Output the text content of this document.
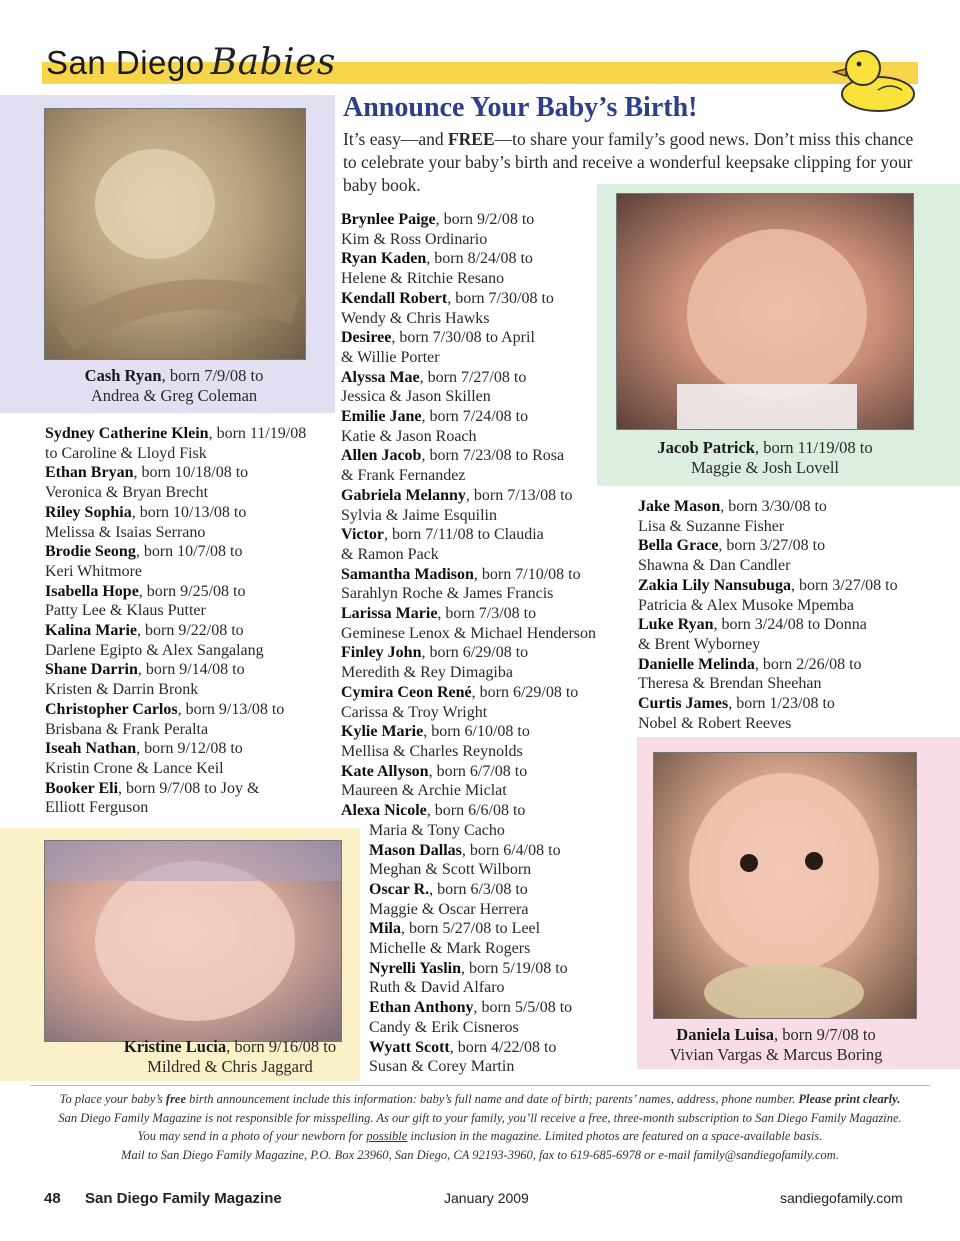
San Diego Babies
Cash Ryan, born 7/9/08 to
Andrea & Greg Coleman
Jacob Patrick, born 11/19/08 to
Maggie & Josh Lovell
Kristine Lucia, born 9/16/08 to
Mildred & Chris Jaggard
Daniela Luisa, born 9/7/08 to
Vivian Vargas & Marcus Boring
Announce Your Baby’s Birth!
It’s easy—and FREE—to share your family’s good news. Don’t miss this chance to celebrate your baby’s birth and receive a wonderful keepsake clipping for your baby book.
Sydney Catherine Klein, born 11/19/08
to Caroline & Lloyd Fisk
Ethan Bryan, born 10/18/08 to
Veronica & Bryan Brecht
Riley Sophia, born 10/13/08 to
Melissa & Isaias Serrano
Brodie Seong, born 10/7/08 to
Keri Whitmore
Isabella Hope, born 9/25/08 to
Patty Lee & Klaus Putter
Kalina Marie, born 9/22/08 to
Darlene Egipto & Alex Sangalang
Shane Darrin, born 9/14/08 to
Kristen & Darrin Bronk
Christopher Carlos, born 9/13/08 to
Brisbana & Frank Peralta
Iseah Nathan, born 9/12/08 to
Kristin Crone & Lance Keil
Booker Eli, born 9/7/08 to Joy &
Elliott Ferguson
Brynlee Paige, born 9/2/08 to
Kim & Ross Ordinario
Ryan Kaden, born 8/24/08 to
Helene & Ritchie Resano
Kendall Robert, born 7/30/08 to
Wendy & Chris Hawks
Desiree, born 7/30/08 to April
& Willie Porter
Alyssa Mae, born 7/27/08 to
Jessica & Jason Skillen
Emilie Jane, born 7/24/08 to
Katie & Jason Roach
Allen Jacob, born 7/23/08 to Rosa
& Frank Fernandez
Gabriela Melanny, born 7/13/08 to
Sylvia & Jaime Esquilin
Victor, born 7/11/08 to Claudia
& Ramon Pack
Samantha Madison, born 7/10/08 to
Sarahlyn Roche & James Francis
Larissa Marie, born 7/3/08 to
Geminese Lenox & Michael Henderson
Finley John, born 6/29/08 to
Meredith & Rey Dimagiba
Cymira Ceon René, born 6/29/08 to
Carissa & Troy Wright
Kylie Marie, born 6/10/08 to
Mellisa & Charles Reynolds
Kate Allyson, born 6/7/08 to
Maureen & Archie Miclat
Alexa Nicole, born 6/6/08 to
Maria & Tony Cacho
Mason Dallas, born 6/4/08 to
Meghan & Scott Wilborn
Oscar R., born 6/3/08 to
Maggie & Oscar Herrera
Mila, born 5/27/08 to Leel
Michelle & Mark Rogers
Nyrelli Yaslin, born 5/19/08 to
Ruth & David Alfaro
Ethan Anthony, born 5/5/08 to
Candy & Erik Cisneros
Wyatt Scott, born 4/22/08 to
Susan & Corey Martin
Jake Mason, born 3/30/08 to
Lisa & Suzanne Fisher
Bella Grace, born 3/27/08 to
Shawna & Dan Candler
Zakia Lily Nansubuga, born 3/27/08 to
Patricia & Alex Musoke Mpemba
Luke Ryan, born 3/24/08 to Donna
& Brent Wyborney
Danielle Melinda, born 2/26/08 to
Theresa & Brendan Sheehan
Curtis James, born 1/23/08 to
Nobel & Robert Reeves
To place your baby’s free birth announcement include this information: baby’s full name and date of birth; parents’ names, address, phone number. Please print clearly.
San Diego Family Magazine is not responsible for misspelling. As our gift to your family, you’ll receive a free, three-month subscription to San Diego Family Magazine.
You may send in a photo of your newborn for possible inclusion in the magazine. Limited photos are featured on a space-available basis.
Mail to San Diego Family Magazine, P.O. Box 23960, San Diego, CA 92193-3960, fax to 619-685-6978 or e-mail family@sandiegofamily.com.
48 San Diego Family Magazine	January 2009	sandiegofamily.com
